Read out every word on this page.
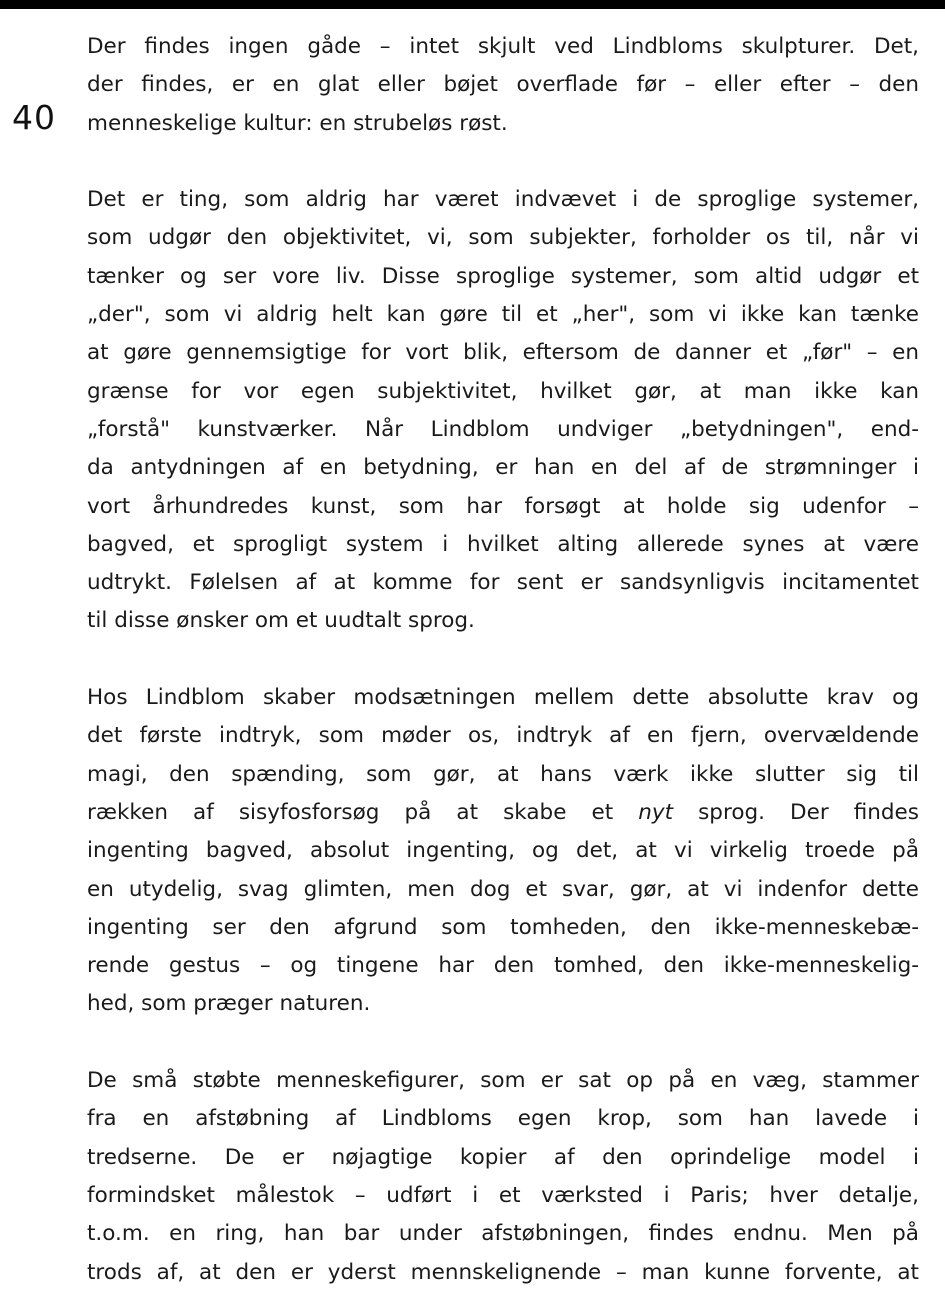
40
Der findes ingen gåde – intet skjult ved Lindbloms skulpturer. Det,
der findes, er en glat eller bøjet overflade før – eller efter – den
menneskelige kultur: en strubeløs røst.
Det er ting, som aldrig har været indvævet i de sproglige systemer,
som udgør den objektivitet, vi, som subjekter, forholder os til, når vi
tænker og ser vore liv. Disse sproglige systemer, som altid udgør et
„der", som vi aldrig helt kan gøre til et „her", som vi ikke kan tænke
at gøre gennemsigtige for vort blik, eftersom de danner et „før" – en
grænse for vor egen subjektivitet, hvilket gør, at man ikke kan
„forstå" kunstværker. Når Lindblom undviger „betydningen", end-
da antydningen af en betydning, er han en del af de strømninger i
vort århundredes kunst, som har forsøgt at holde sig udenfor –
bagved, et sprogligt system i hvilket alting allerede synes at være
udtrykt. Følelsen af at komme for sent er sandsynligvis incitamentet
til disse ønsker om et uudtalt sprog.
Hos Lindblom skaber modsætningen mellem dette absolutte krav og
det første indtryk, som møder os, indtryk af en fjern, overvældende
magi, den spænding, som gør, at hans værk ikke slutter sig til
rækken af sisyfosforsøg på at skabe et nyt sprog. Der findes
ingenting bagved, absolut ingenting, og det, at vi virkelig troede på
en utydelig, svag glimten, men dog et svar, gør, at vi indenfor dette
ingenting ser den afgrund som tomheden, den ikke-menneskebæ-
rende gestus – og tingene har den tomhed, den ikke-menneskelig-
hed, som præger naturen.
De små støbte menneskefigurer, som er sat op på en væg, stammer
fra en afstøbning af Lindbloms egen krop, som han lavede i
tredserne. De er nøjagtige kopier af den oprindelige model i
formindsket målestok – udført i et værksted i Paris; hver detalje,
t.o.m. en ring, han bar under afstøbningen, findes endnu. Men på
trods af, at den er yderst mennskelignende – man kunne forvente, at
